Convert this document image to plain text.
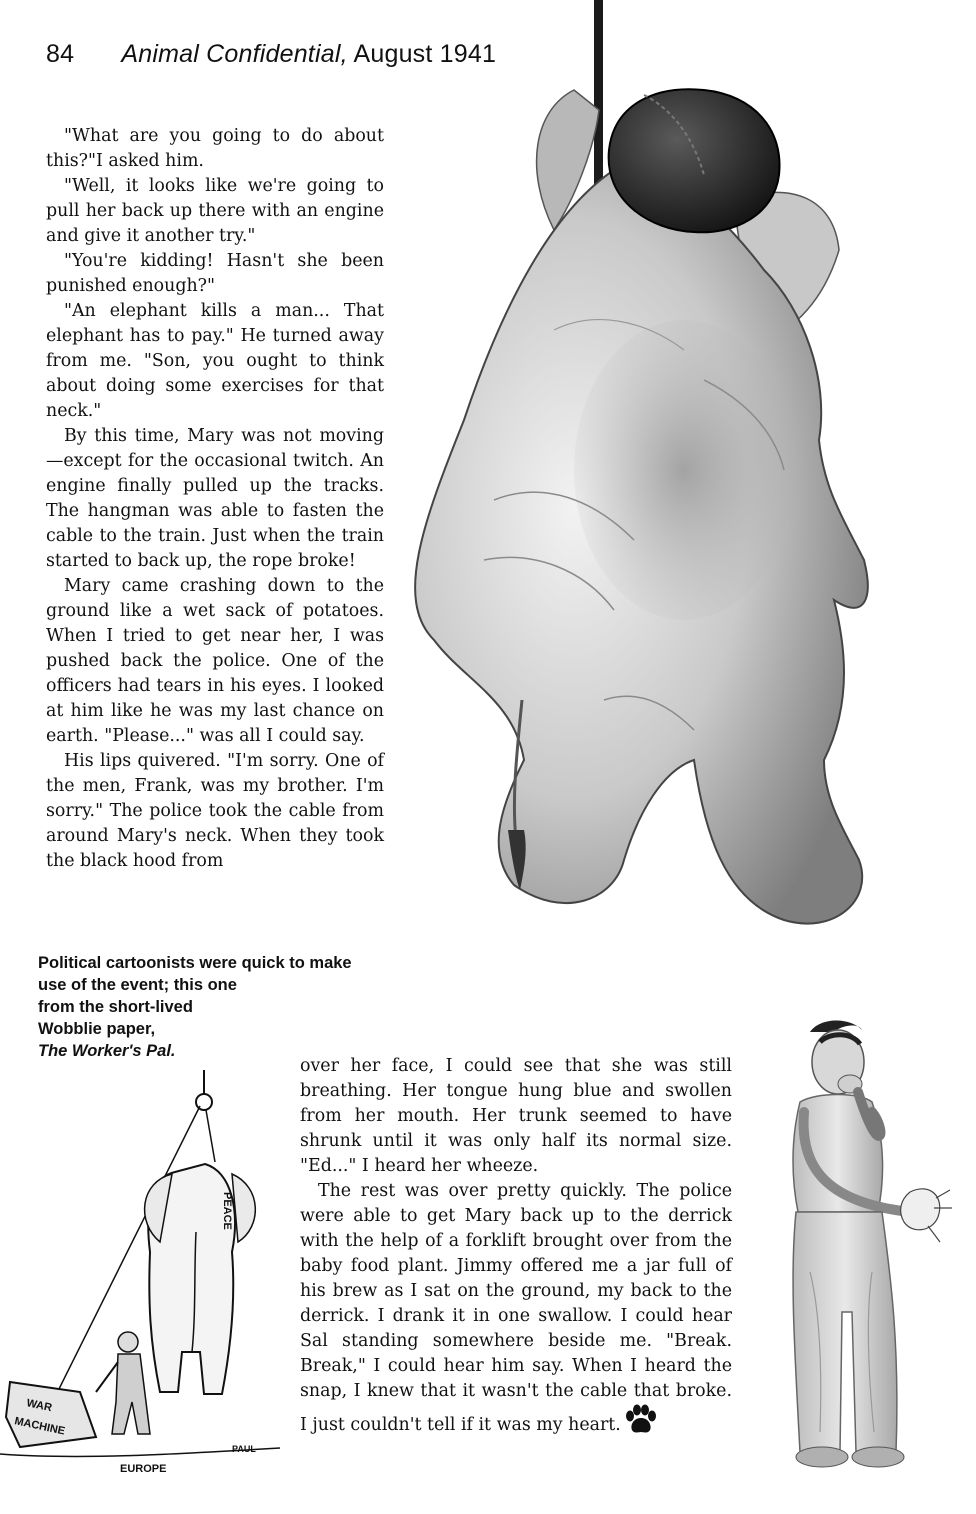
84 Animal Confidential, August 1941

"What are you going to do about this?"I asked him.

"Well, it looks like we're going to pull her back up there with an engine and give it another try."

"You're kidding! Hasn't she been punished enough?"

"An elephant kills a man... That elephant has to pay." He turned away from me. "Son, you ought to think about doing some exercises for that neck."

By this time, Mary was not moving—except for the occasional twitch. An engine finally pulled up the tracks. The hangman was able to fasten the cable to the train. Just when the train started to back up, the rope broke!

Mary came crashing down to the ground like a wet sack of potatoes. When I tried to get near her, I was pushed back the police. One of the officers had tears in his eyes. I looked at him like he was my last chance on earth. "Please..." was all I could say.

His lips quivered. "I'm sorry. One of the men, Frank, was my brother. I'm sorry." The police took the cable from around Mary's neck. When they took the black hood from

Political cartoonists were quick to make
use of the event; this one
from the short-lived
Wobblie paper,
The Worker's Pal.
PEACE
WAR
MACHINE
EUROPE
PAUL

over her face, I could see that she was still breathing. Her tongue hung blue and swollen from her mouth. Her trunk seemed to have shrunk until it was only half its normal size. "Ed..." I heard her wheeze.

The rest was over pretty quickly. The police were able to get Mary back up to the derrick with the help of a forklift brought over from the baby food plant. Jimmy offered me a jar full of his brew as I sat on the ground, my back to the derrick. I drank it in one swallow. I could hear Sal standing somewhere beside me. "Break. Break," I could hear him say. When I heard the snap, I knew that it wasn't the cable that broke. I just couldn't tell if it was my heart.
